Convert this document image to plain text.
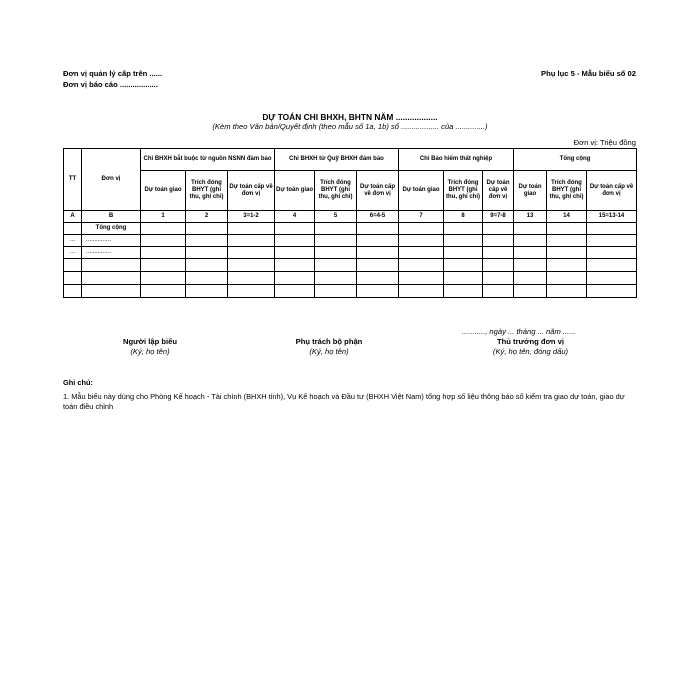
Đơn vị quản lý cấp trên ......
Đơn vị báo cáo ..................
Phụ lục 5 - Mẫu biểu số 02
DỰ TOÁN CHI BHXH, BHTN NĂM ..................
(Kèm theo Văn bản/Quyết định (theo mẫu số 1a, 1b) số .................. của ..............)
Đơn vị: Triệu đồng
TT	Đơn vị	Chi BHXH bắt buộc từ nguồn NSNN đảm bảo			Chi BHXH từ Quỹ BHXH đảm bảo			Chi Bảo hiểm thất nghiệp			Tổng cộng		
		Dự toán giao	Trích đóng BHYT (ghi thu, ghi chi)	Dự toán cấp về đơn vị	Dự toán giao	Trích đóng BHYT (ghi thu, ghi chi)	Dự toán cấp về đơn vị	Dự toán giao	Trích đóng BHYT (ghi thu, ghi chi)	Dự toán cấp về đơn vị	Dự toán giao	Trích đóng BHYT (ghi thu, ghi chi)	Dự toán cấp về đơn vị
A	B	1	2	3=1-2	4	5	6=4-5	7	8	9=7-8	13	14	15=13-14
	Tổng cộng												
...	...............												
...	...............												

..........., ngày ... tháng ... năm ......
Người lập biểu
(Ký, họ tên)
Phụ trách bộ phận
(Ký, họ tên)
Thủ trưởng đơn vị
(Ký, họ tên, đóng dấu)
Ghi chú:
1. Mẫu biểu này dùng cho Phòng Kế hoạch - Tài chính (BHXH tỉnh), Vụ Kế hoạch và Đầu tư (BHXH Việt Nam) tổng hợp số liệu thông báo số kiểm tra giao dự toán, giao dự toán điều chỉnh
